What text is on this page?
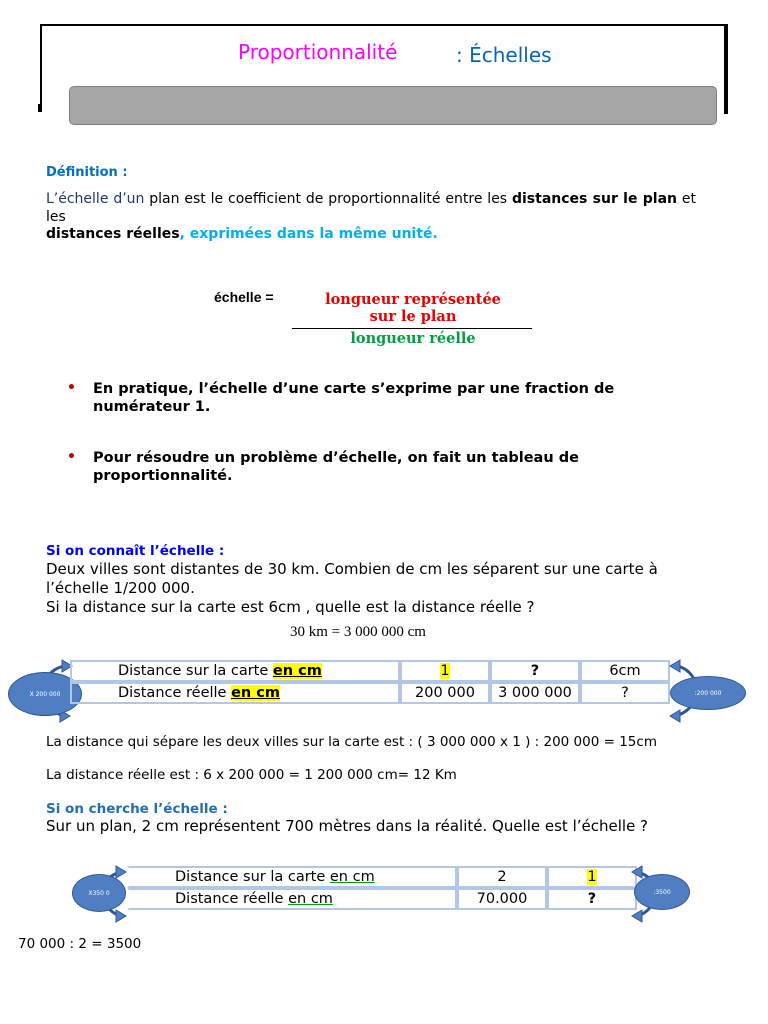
Proportionnalité	: Échelles
Définition :
L’échelle d’un plan est le coefficient de proportionnalité entre les distances sur le plan et les
distances réelles, exprimées dans la même unité.
échelle =	longueur représentée
sur le plan
longueur réelle
• En pratique, l’échelle d’une carte s’exprime par une fraction de
numérateur 1.
• Pour résoudre un problème d’échelle, on fait un tableau de
proportionnalité.
Si on connaît l’échelle :
Deux villes sont distantes de 30 km. Combien de cm les séparent sur une carte à
l’échelle 1/200 000.
Si la distance sur la carte est 6cm , quelle est la distance réelle ?
30 km = 3 000 000 cm
X 200 000
Distance sur la carte en cm	1	?	6cm
Distance réelle en cm	200 000	3 000 000	?	:200 000
La distance qui sépare les deux villes sur la carte est : ( 3 000 000 x 1 ) : 200 000 = 15cm
La distance réelle est : 6 x 200 000 = 1 200 000 cm= 12 Km
Si on cherche l’échelle :
Sur un plan, 2 cm représentent 700 mètres dans la réalité. Quelle est l’échelle ?
X350 0
Distance sur la carte en cm	2	1
Distance réelle en cm	70.000	?	:3500
70 000 : 2 = 3500
